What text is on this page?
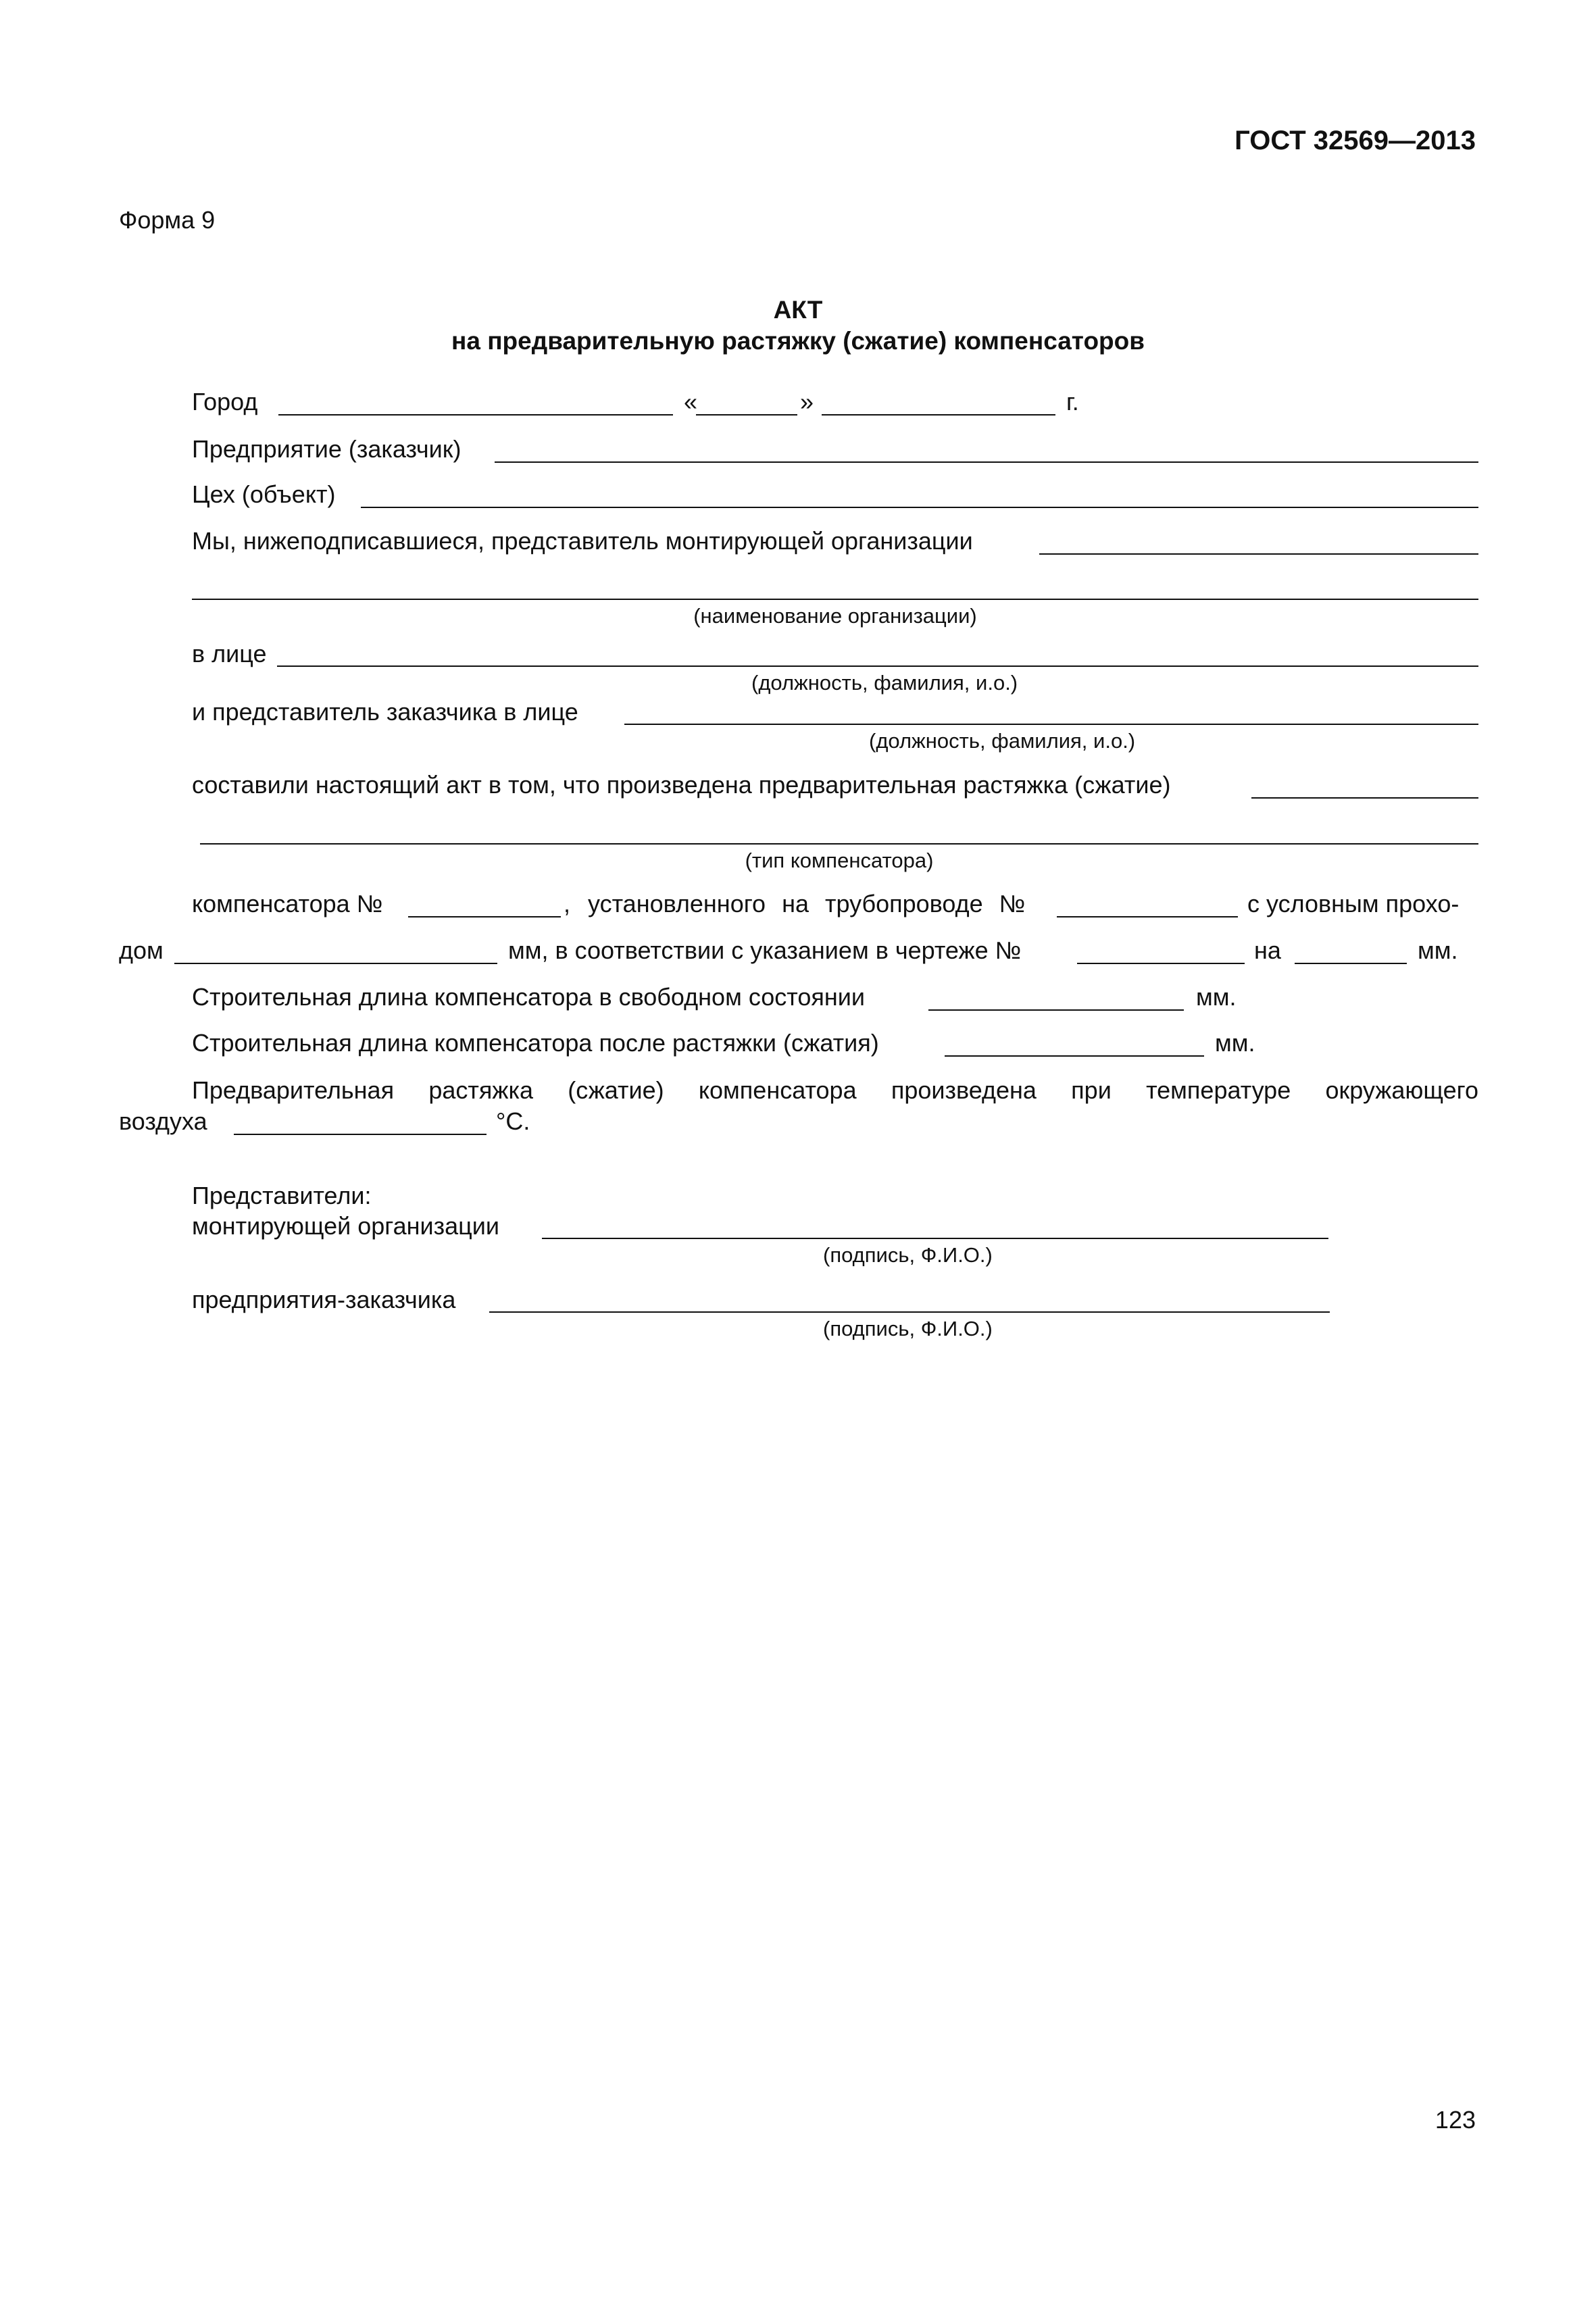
ГОСТ 32569—2013
Форма 9
АКТ
на предварительную растяжку (сжатие) компенсаторов
Город	«	»	г.
Предприятие (заказчик)
Цех (объект)
Мы, нижеподписавшиеся, представитель монтирующей организации
(наименование организации)
в лице
(должность, фамилия, и.о.)
и представитель заказчика в лице
(должность, фамилия, и.о.)
составили настоящий акт в том, что произведена предварительная растяжка (сжатие)
(тип компенсатора)
компенсатора №	, установленного на трубопроводе №	с условным прохо-
дом	мм, в соответствии с указанием в чертеже №	на	мм.
Строительная длина компенсатора в свободном состоянии	мм.
Строительная длина компенсатора после растяжки (сжатия)	мм.
Предварительная растяжка (сжатие) компенсатора произведена при температуре окружающего
воздуха	°С.
Представители:
монтирующей организации
(подпись, Ф.И.О.)
предприятия-заказчика
(подпись, Ф.И.О.)
123
